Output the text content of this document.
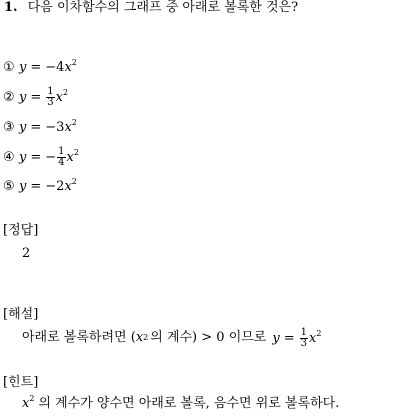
1. 다음 이차함수의 그래프 중 아래로 볼록한 것은?
① $y = -4x^2$
② $y = \frac{1}{3} x^2$
③ $y = -3x^2$
④ y = − $\frac{1}{4} x^2$
⑤ $y = -2x^2$
[정답]
2
[해설]
아래로 볼록하려면 ( x 2 의 계수) > 0 이므로 $y = \frac{1}{3} x^2$
[힌트]
$x^2$ 의 계수가 양수면 아래로 볼록, 음수면 위로 볼록하다.
